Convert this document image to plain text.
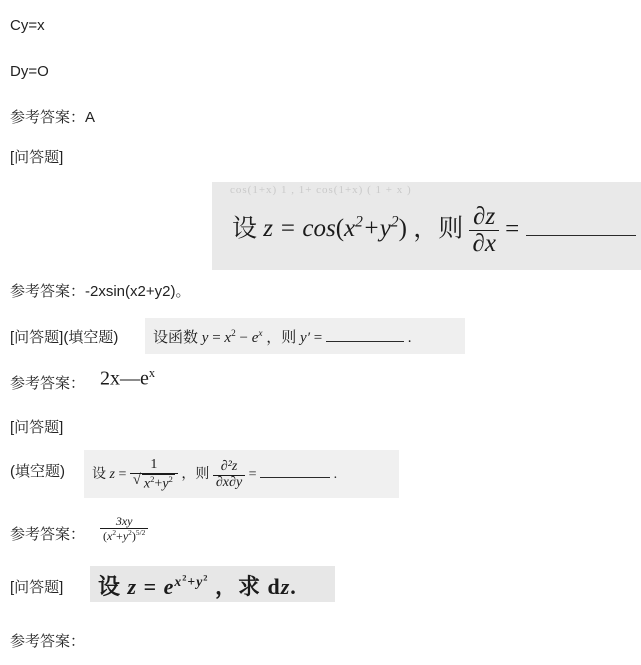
Cy=x
Dy=O
参考答案：A
[问答题]
cos(1+x) 1 , 1+ cos(1+x) ( 1 + x )
设 $z = \cos(x^2+y^2)$ ，则 $\frac{\partial z}{\partial x}$ =
参考答案：-2xsin(x2+y2)。
[问答题](填空题) 设函数 $y = x^2 - e^x$ ，则 y′ =	.
参考答案： $2x—e^x$
[问答题]
(填空题) 设 z = 1
√ $x^2+y^2$ ，则 $\frac{\text{∂²z}}{\partial x\partial y}$ =	.
参考答案： $\frac{3xy}{(x^2+y^2)^{5/2}}$
[问答题] 设 $z = e^{x^2+y^2}$ ，求 dz.
参考答案：
